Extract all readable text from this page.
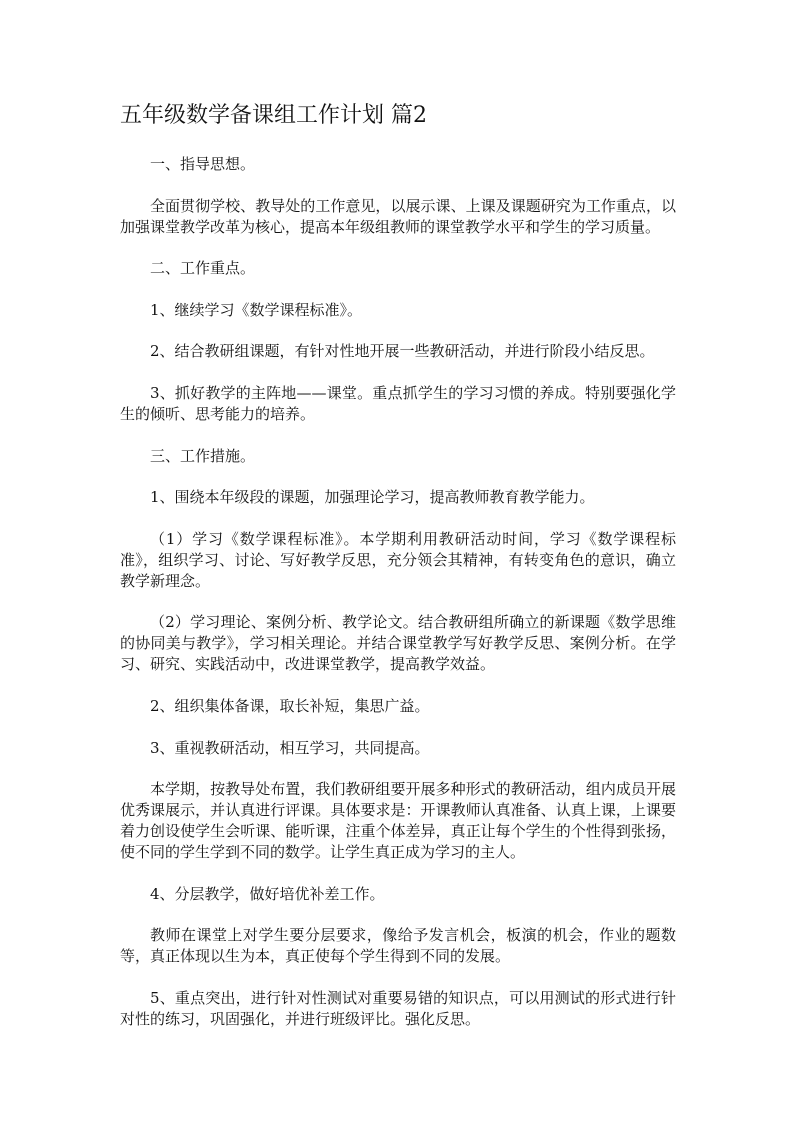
五年级数学备课组工作计划 篇2

一、指导思想。

全面贯彻学校、教导处的工作意见，以展示课、上课及课题研究为工作重点，以加强课堂教学改革为核心，提高本年级组教师的课堂教学水平和学生的学习质量。

二、工作重点。

1、继续学习《数学课程标准》。

2、结合教研组课题，有针对性地开展一些教研活动，并进行阶段小结反思。

3、抓好教学的主阵地——课堂。重点抓学生的学习习惯的养成。特别要强化学生的倾听、思考能力的培养。

三、工作措施。

1、围绕本年级段的课题，加强理论学习，提高教师教育教学能力。

（1）学习《数学课程标准》。本学期利用教研活动时间，学习《数学课程标准》，组织学习、讨论、写好教学反思，充分领会其精神，有转变角色的意识，确立教学新理念。

（2）学习理论、案例分析、教学论文。结合教研组所确立的新课题《数学思维的协同美与教学》，学习相关理论。并结合课堂教学写好教学反思、案例分析。在学习、研究、实践活动中，改进课堂教学，提高教学效益。

2、组织集体备课，取长补短，集思广益。

3、重视教研活动，相互学习，共同提高。

本学期，按教导处布置，我们教研组要开展多种形式的教研活动，组内成员开展优秀课展示，并认真进行评课。具体要求是：开课教师认真准备、认真上课，上课要着力创设使学生会听课、能听课，注重个体差异，真正让每个学生的个性得到张扬，使不同的学生学到不同的数学。让学生真正成为学习的主人。

4、分层教学，做好培优补差工作。

教师在课堂上对学生要分层要求，像给予发言机会，板演的机会，作业的题数等，真正体现以生为本，真正使每个学生得到不同的发展。

5、重点突出，进行针对性测试对重要易错的知识点，可以用测试的形式进行针对性的练习，巩固强化，并进行班级评比。强化反思。
